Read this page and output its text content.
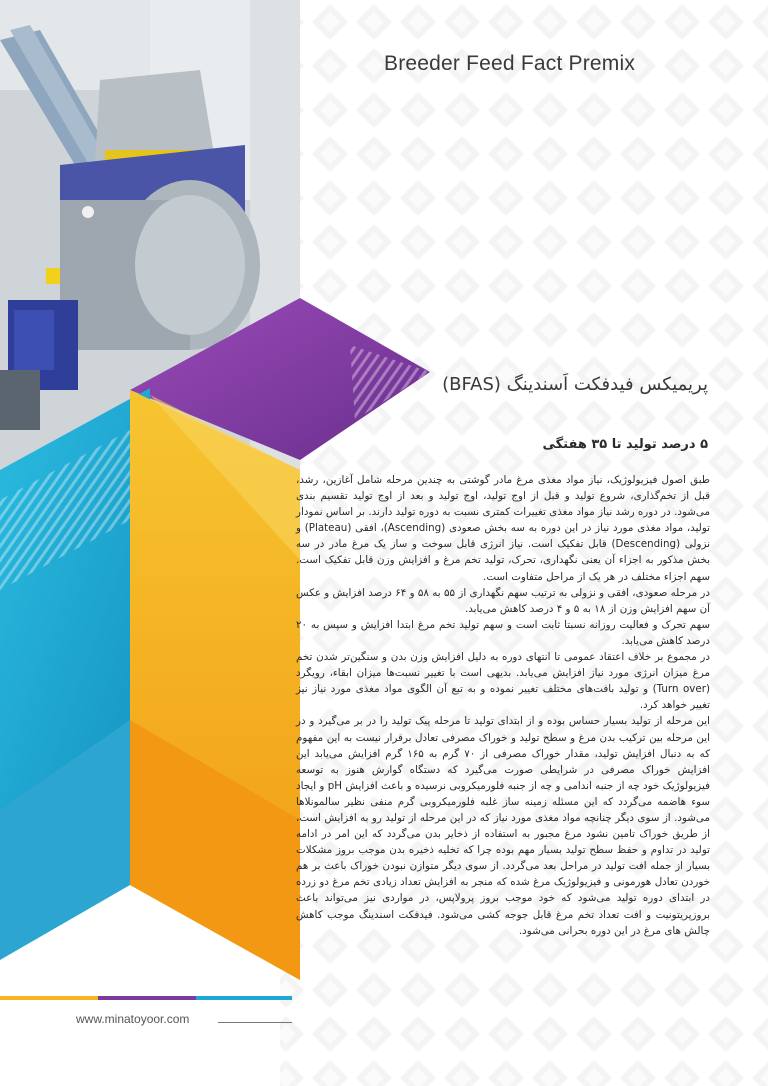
Breeder Feed Fact Premix
پریمیکس فیدفکت اَسندینگ (BFAS)
۵ درصد تولید تا ۳۵ هفتگی

طبق اصول فیزیولوژیک، نیاز مواد مغذی مرغ مادر گوشتی به چندین مرحله شامل آغازین، رشد، قبل از تخم‌گذاری، شروع تولید و قبل از اوج تولید، اوج تولید و بعد از اوج تولید تقسیم بندی می‌شود. در دوره رشد نیاز مواد مغذی تغییرات کمتری نسبت به دوره تولید دارند. بر اساس نمودار تولید، مواد مغذی مورد نیاز در این دوره به سه بخش صعودی (Ascending)، افقی (Plateau) و نزولی (Descending) قابل تفکیک است. نیاز انرژی قابل سوخت و ساز یک مرغ مادر در سه بخش مذکور به اجزاء آن یعنی نگهداری، تحرک، تولید تخم مرغ و افزایش وزن قابل تفکیک است. سهم اجزاء مختلف در هر یک از مراحل متفاوت است.

در مرحله صعودی، افقی و نزولی به ترتیب سهم نگهداری از ۵۵ به ۵۸ و ۶۴ درصد افزایش و عکس آن سهم افزایش وزن از ۱۸ به ۵ و ۴ درصد کاهش می‌یابد.

سهم تحرک و فعالیت روزانه نسبتا ثابت است و سهم تولید تخم مرغ ابتدا افزایش و سپس به ۲۰ درصد کاهش می‌یابد.

در مجموع بر خلاف اعتقاد عمومی تا انتهای دوره به دلیل افزایش وزن بدن و سنگین‌تر شدن تخم مرغ میزان انرژی مورد نیاز افزایش می‌یابد. بدیهی است با تغییر نسبت‌ها میزان ابقاء، رویگرد (Turn over) و تولید بافت‌های مختلف تغییر نموده و به تبع آن الگوی مواد مغذی مورد نیاز نیز تغییر خواهد کرد.

این مرحله از تولید بسیار حساس بوده و از ابتدای تولید تا مرحله پیک تولید را در بر می‌گیرد و در این مرحله بین ترکیب بدن مرغ و سطح تولید و خوراک مصرفی تعادل برقرار نیست به این مفهوم که به دنبال افزایش تولید، مقدار خوراک مصرفی از ۷۰ گرم به ۱۶۵ گرم افزایش می‌یابد این افزایش خوراک مصرفی در شرایطی صورت می‌گیرد که دستگاه گوارش هنوز به توسعه فیزیولوژیک خود چه از جنبه اندامی و چه از جنبه فلورمیکروبی نرسیده و باعث افزایش pH و ایجاد سوء هاضمه می‌گردد که این مسئله زمینه ساز غلبه فلورمیکروبی گرم منفی نظیر سالمونلاها می‌شود. از سوی دیگر چنانچه مواد مغذی مورد نیاز که در این مرحله از تولید رو به افزایش است، از طریق خوراک تامین نشود مرغ مجبور به استفاده از ذخایر بدن می‌گردد که این امر در ادامه تولید در تداوم و حفظ سطح تولید بسیار مهم بوده چرا که تخلیه ذخیره بدن موجب بروز مشکلات بسیار از جمله افت تولید در مراحل بعد می‌گردد. از سوی دیگر متوازن نبودن خوراک باعث بر هم خوردن تعادل هورمونی و فیزیولوژیک مرغ شده که منجر به افزایش تعداد زیادی تخم مرغ دو زرده در ابتدای دوره تولید می‌شود که خود موجب بروز پرولاپس، در مواردی نیز می‌تواند باعث بروزپریتونیت و افت تعداد تخم مرغ قابل جوجه کشی می‌شود. فیدفکت اسندینگ موجب کاهش چالش های مرغ در این دوره بحرانی می‌شود.

www.minatoyoor.com
